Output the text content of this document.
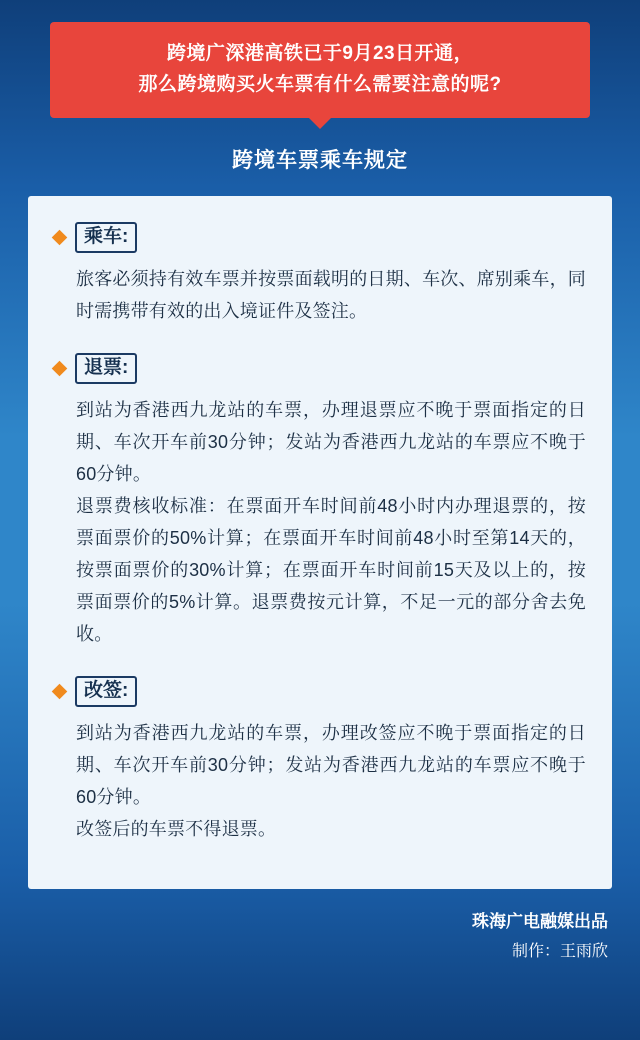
跨境广深港高铁已于9月23日开通，
那么跨境购买火车票有什么需要注意的呢?
跨境车票乘车规定
乘车:

旅客必须持有效车票并按票面载明的日期、车次、席别乘车，同时需携带有效的出入境证件及签注。

退票:

到站为香港西九龙站的车票，办理退票应不晚于票面指定的日期、车次开车前30分钟；发站为香港西九龙站的车票应不晚于60分钟。

退票费核收标准：在票面开车时间前48小时内办理退票的，按票面票价的50%计算；在票面开车时间前48小时至第14天的，按票面票价的30%计算；在票面开车时间前15天及以上的，按票面票价的5%计算。退票费按元计算，不足一元的部分舍去免收。

改签:

到站为香港西九龙站的车票，办理改签应不晚于票面指定的日期、车次开车前30分钟；发站为香港西九龙站的车票应不晚于60分钟。

改签后的车票不得退票。

珠海广电融媒出品
制作：王雨欣
